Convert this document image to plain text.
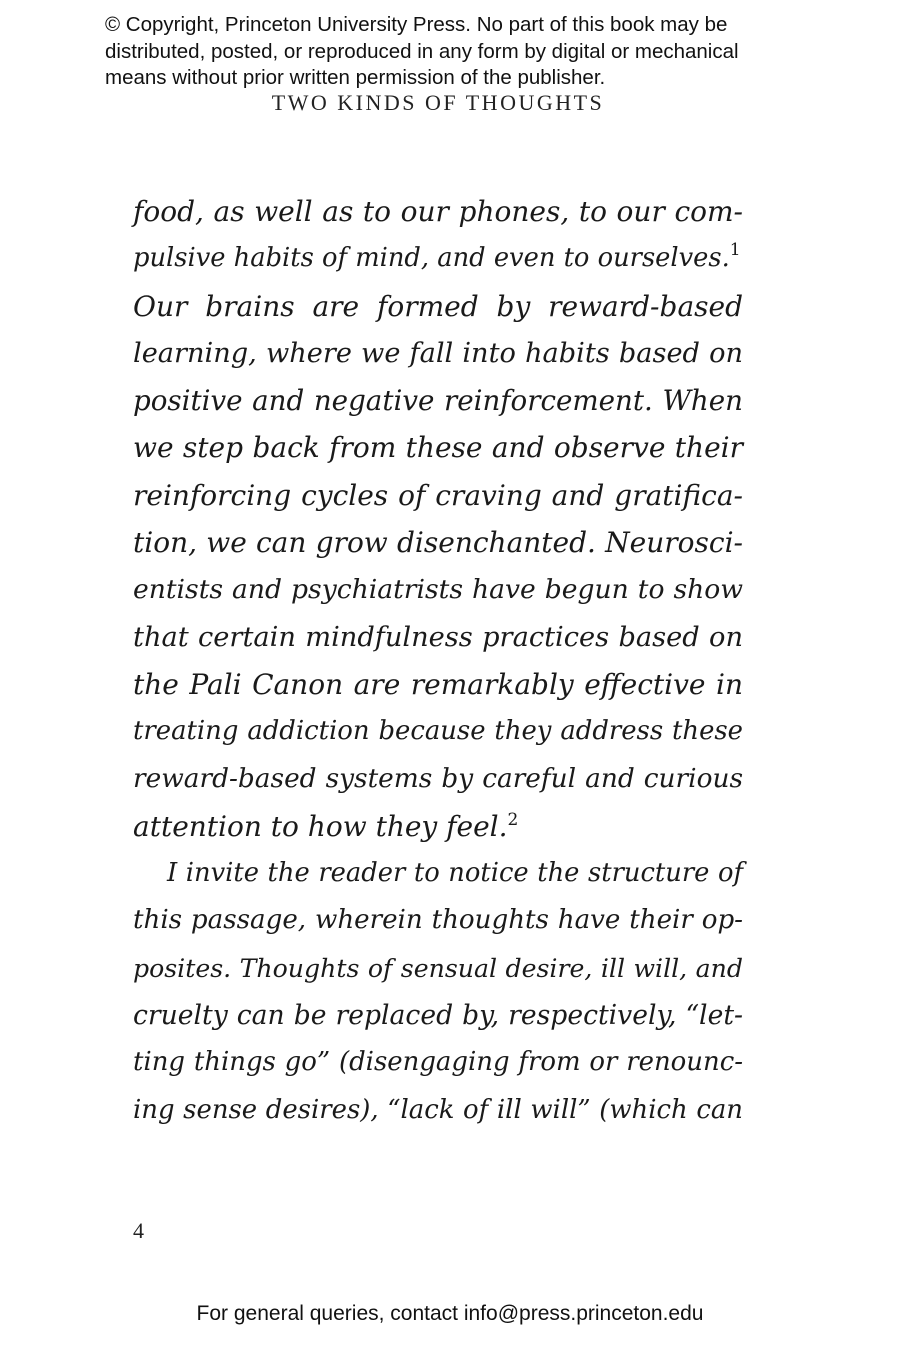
© Copyright, Princeton University Press. No part of this book may be
distributed, posted, or reproduced in any form by digital or mechanical
means without prior written permission of the publisher.
TWO KINDS OF THOUGHTS
food, as well as to our phones, to our com-
pulsive habits of mind, and even to ourselves.$^1$
Our brains are formed by reward-based
learning, where we fall into habits based on
positive and negative reinforcement. When
we step back from these and observe their
reinforcing cycles of craving and gratifica-
tion, we can grow disenchanted. Neurosci-
entists and psychiatrists have begun to show
that certain mindfulness practices based on
the Pali Canon are remarkably effective in
treating addiction because they address these
reward-based systems by careful and curious
attention to how they feel.$^2$
I invite the reader to notice the structure of
this passage, wherein thoughts have their op-
posites. Thoughts of sensual desire, ill will, and
cruelty can be replaced by, respectively, “let-
ting things go” (disengaging from or renounc-
ing sense desires), “lack of ill will” (which can
4
For general queries, contact info@press.princeton.edu
